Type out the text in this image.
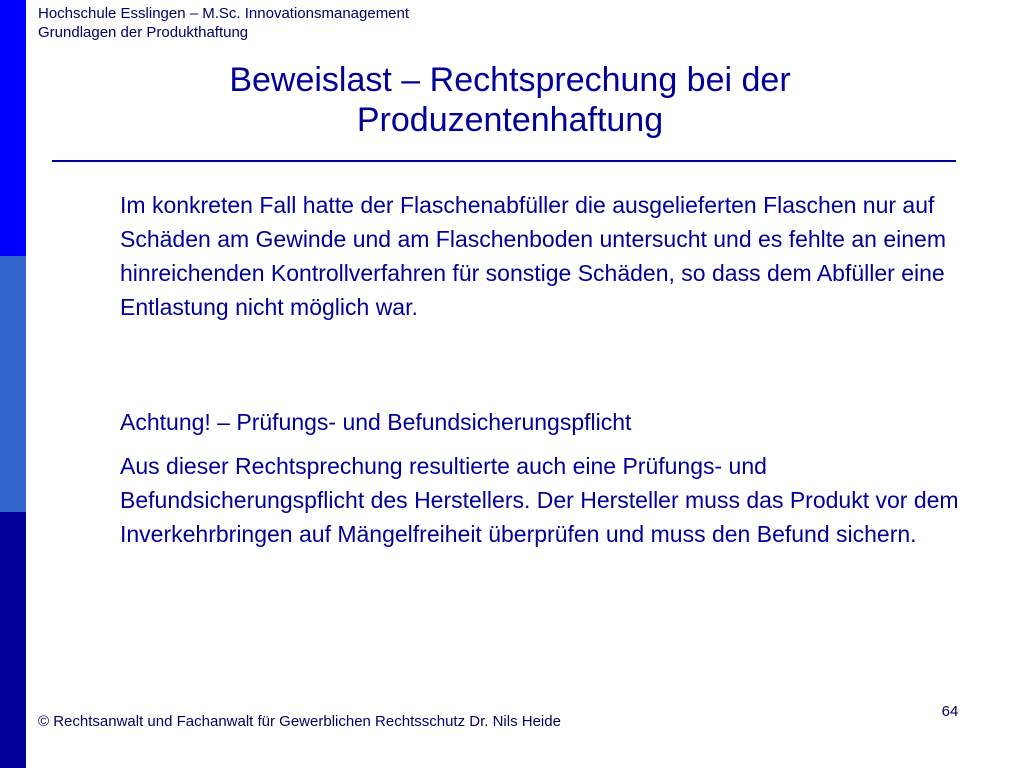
Hochschule Esslingen – M.Sc. Innovationsmanagement
Grundlagen der Produkthaftung
Beweislast – Rechtsprechung bei der
Produzentenhaftung
Im konkreten Fall hatte der Flaschenabfüller die ausgelieferten Flaschen nur auf Schäden am Gewinde und am Flaschenboden untersucht und es fehlte an einem hinreichenden Kontrollverfahren für sonstige Schäden, so dass dem Abfüller eine Entlastung nicht möglich war.
Achtung! – Prüfungs- und Befundsicherungspflicht
Aus dieser Rechtsprechung resultierte auch eine Prüfungs- und Befundsicherungspflicht des Herstellers. Der Hersteller muss das Produkt vor dem Inverkehrbringen auf Mängelfreiheit überprüfen und muss den Befund sichern.
© Rechtsanwalt und Fachanwalt für Gewerblichen Rechtsschutz Dr. Nils Heide
64
